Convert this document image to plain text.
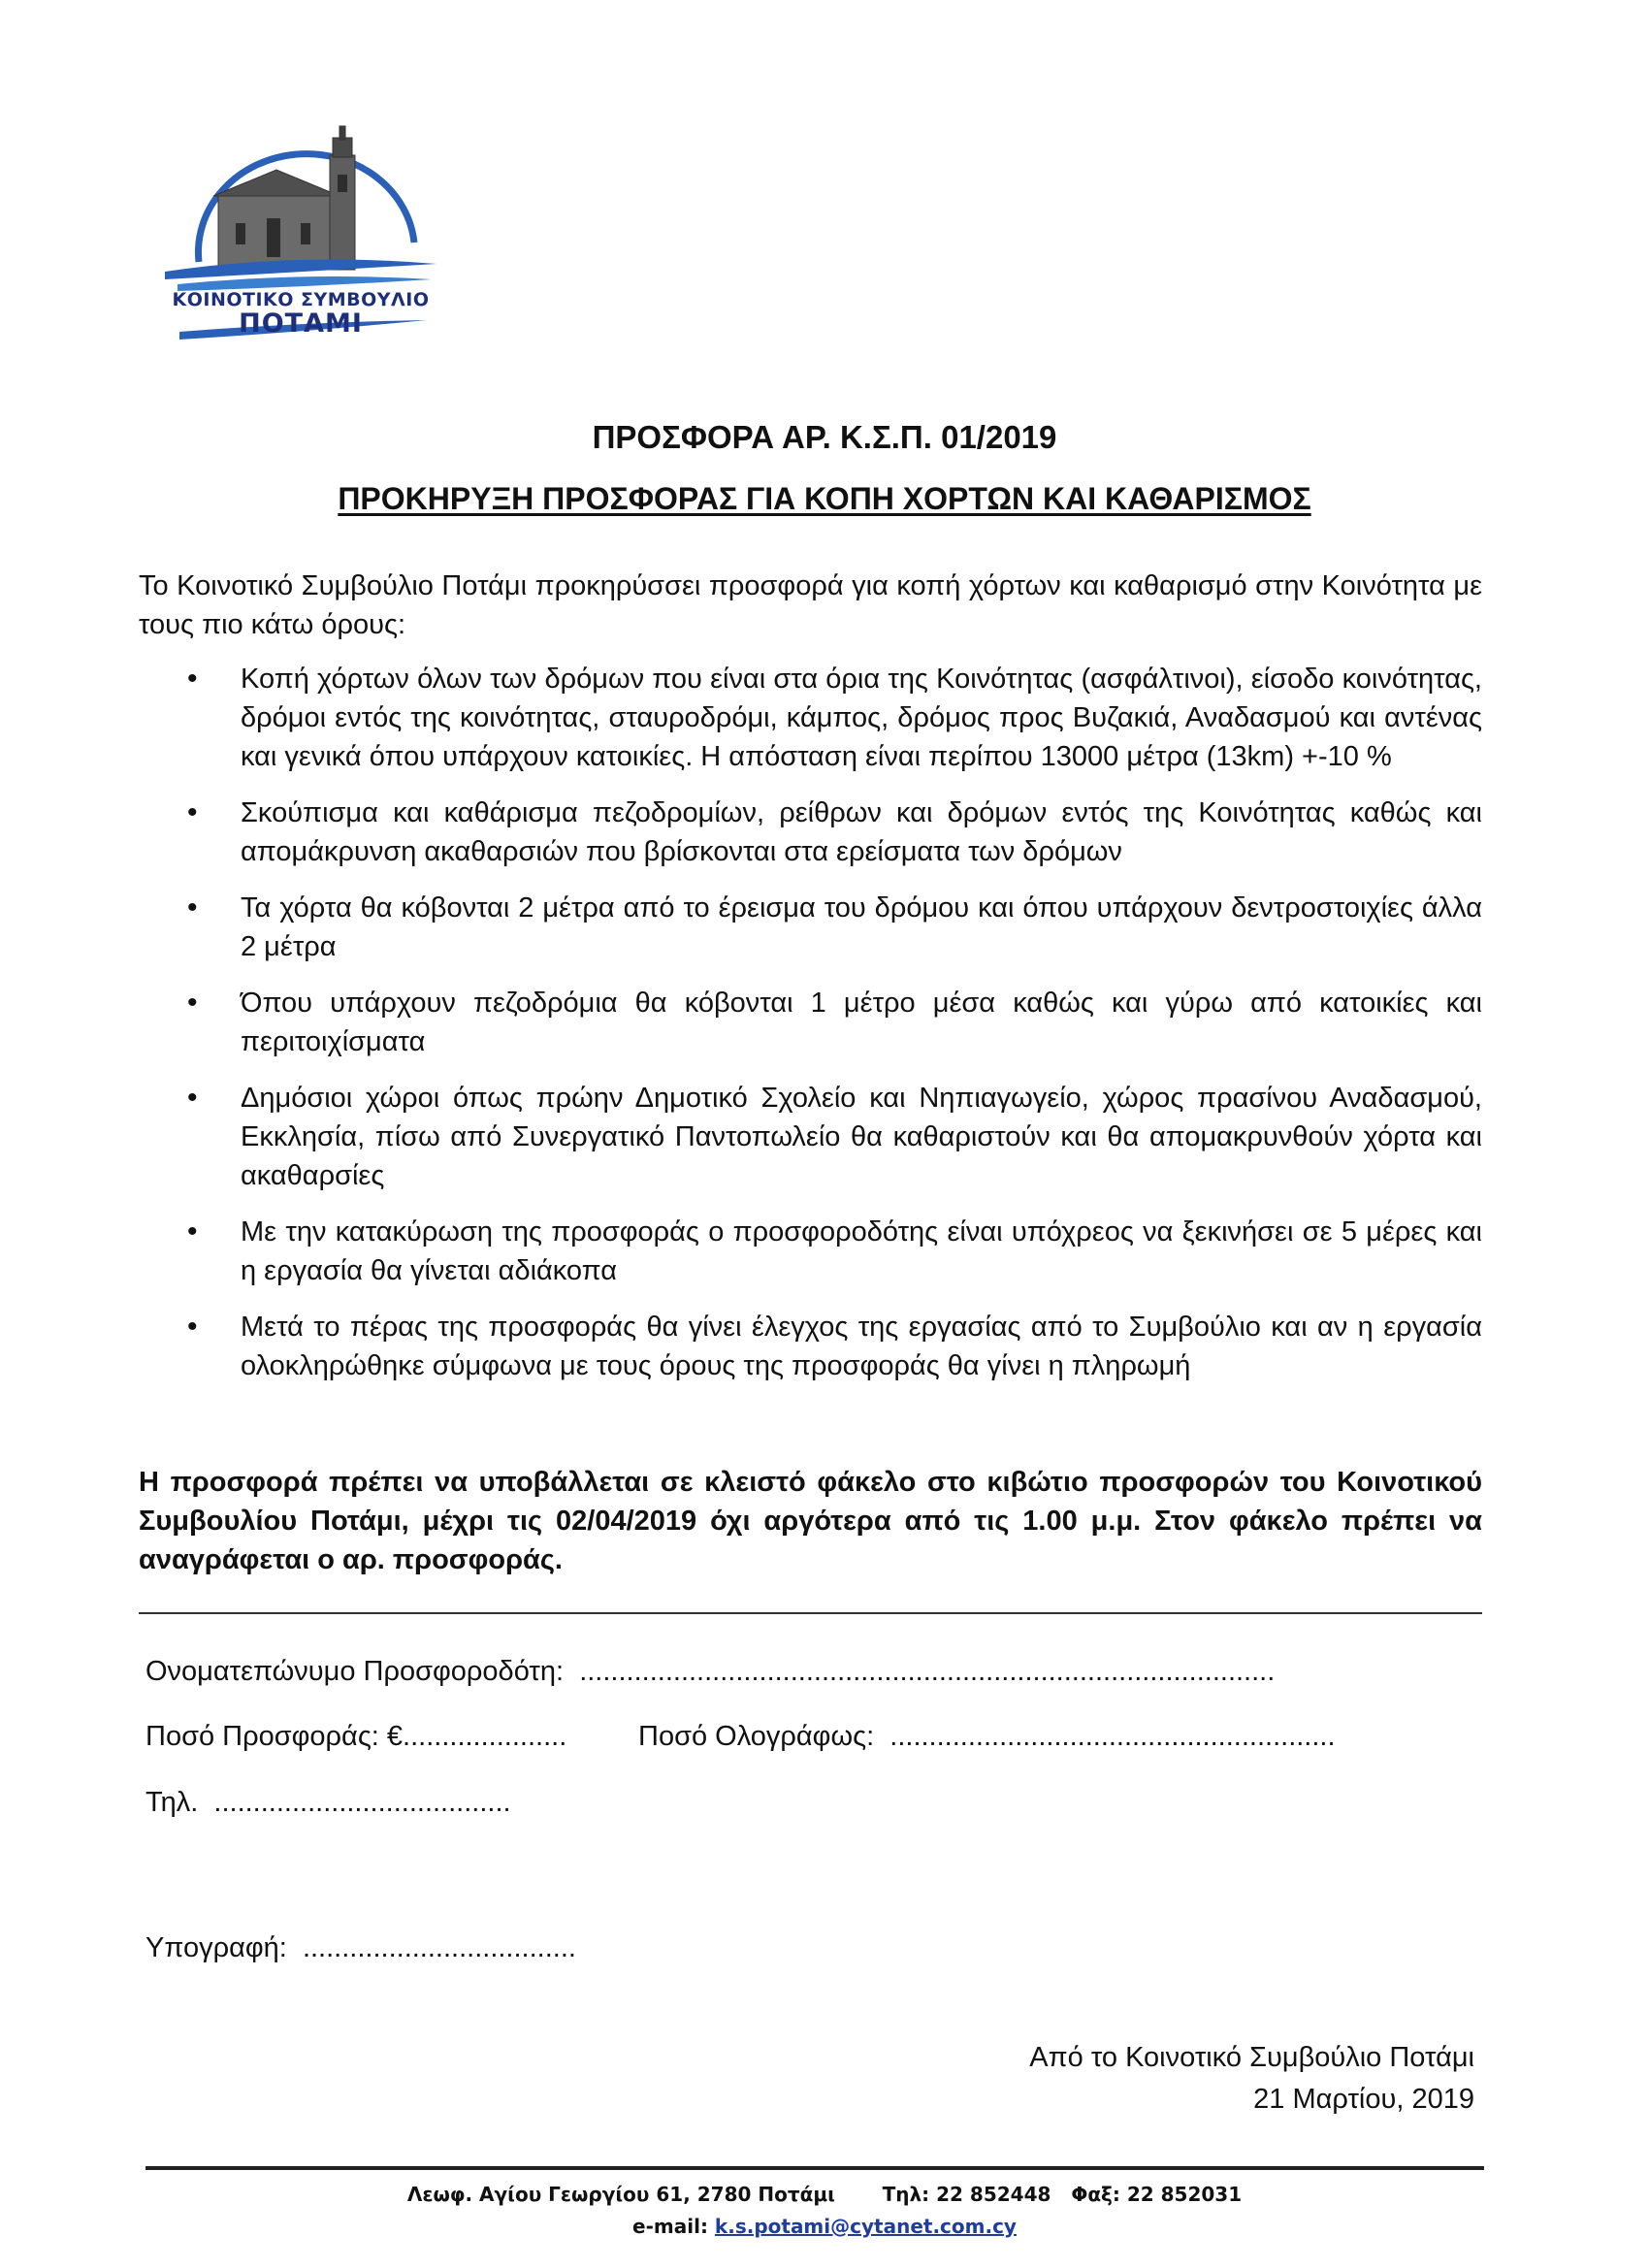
ΚΟΙΝΟΤΙΚΟ ΣΥΜΒΟΥΛΙΟ
ΠΟΤΑΜΙ
ΠΡΟΣΦΟΡΑ ΑΡ. Κ.Σ.Π. 01/2019
ΠΡΟΚΗΡΥΞΗ ΠΡΟΣΦΟΡΑΣ ΓΙΑ ΚΟΠΗ ΧΟΡΤΩΝ ΚΑΙ ΚΑΘΑΡΙΣΜΟΣ
Το Κοινοτικό Συμβούλιο Ποτάμι προκηρύσσει προσφορά για κοπή χόρτων και καθαρισμό στην Κοινότητα με τους πιο κάτω όρους:
• Κοπή χόρτων όλων των δρόμων που είναι στα όρια της Κοινότητας (ασφάλτινοι), είσοδο κοινότητας, δρόμοι εντός της κοινότητας, σταυροδρόμι, κάμπος, δρόμος προς Βυζακιά, Αναδασμού και αντένας και γενικά όπου υπάρχουν κατοικίες. Η απόσταση είναι περίπου 13000 μέτρα (13km) +-10 %
• Σκούπισμα και καθάρισμα πεζοδρομίων, ρείθρων και δρόμων εντός της Κοινότητας καθώς και απομάκρυνση ακαθαρσιών που βρίσκονται στα ερείσματα των δρόμων
• Τα χόρτα θα κόβονται 2 μέτρα από το έρεισμα του δρόμου και όπου υπάρχουν δεντροστοιχίες άλλα 2 μέτρα
• Όπου υπάρχουν πεζοδρόμια θα κόβονται 1 μέτρο μέσα καθώς και γύρω από κατοικίες και περιτοιχίσματα
• Δημόσιοι χώροι όπως πρώην Δημοτικό Σχολείο και Νηπιαγωγείο, χώρος πρασίνου Αναδασμού, Εκκλησία, πίσω από Συνεργατικό Παντοπωλείο θα καθαριστούν και θα απομακρυνθούν χόρτα και ακαθαρσίες
• Με την κατακύρωση της προσφοράς ο προσφοροδότης είναι υπόχρεος να ξεκινήσει σε 5 μέρες και η εργασία θα γίνεται αδιάκοπα
• Μετά το πέρας της προσφοράς θα γίνει έλεγχος της εργασίας από το Συμβούλιο και αν η εργασία ολοκληρώθηκε σύμφωνα με τους όρους της προσφοράς θα γίνει η πληρωμή
Η προσφορά πρέπει να υποβάλλεται σε κλειστό φάκελο στο κιβώτιο προσφορών του Κοινοτικού Συμβουλίου Ποτάμι, μέχρι τις 02/04/2019 όχι αργότερα από τις 1.00 μ.μ. Στον φάκελο πρέπει να αναγράφεται ο αρ. προσφοράς.
Ονοματεπώνυμο Προσφοροδότη:  .........................................................................................
Ποσό Προσφοράς: €.....................	Ποσό Ολογράφως:  .........................................................
Τηλ.  ......................................
Υπογραφή:  ...................................
Από το Κοινοτικό Συμβούλιο Ποτάμι
21 Μαρτίου, 2019
Λεωφ. Αγίου Γεωργίου 61, 2780 Ποτάμι Τηλ: 22 852448 Φαξ: 22 852031
e-mail: k.s.potami@cytanet.com.cy
